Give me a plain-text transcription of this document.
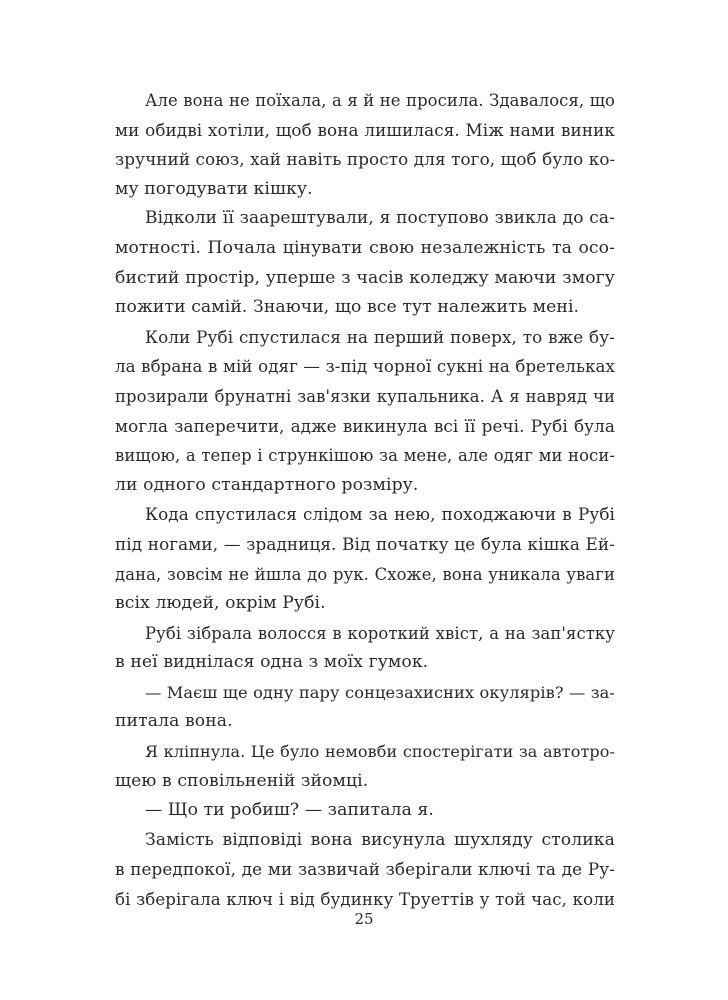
Але вона не поїхала, а я й не просила. Здавалося, що
ми обидві хотіли, щоб вона лишилася. Між нами виник
зручний союз, хай навіть просто для того, щоб було ко-
му погодувати кішку.
Відколи її заарештували, я поступово звикла до са-
мотності. Почала цінувати свою незалежність та осо-
бистий простір, уперше з часів коледжу маючи змогу
пожити самій. Знаючи, що все тут належить мені.
Коли Рубі спустилася на перший поверх, то вже бу-
ла вбрана в мій одяг — з-під чорної сукні на бретельках
прозирали брунатні зав'язки купальника. А я навряд чи
могла заперечити, адже викинула всі її речі. Рубі була
вищою, а тепер і стрункішою за мене, але одяг ми носи-
ли одного стандартного розміру.
Кода спустилася слідом за нею, походжаючи в Рубі
під ногами, — зрадниця. Від початку це була кішка Ей-
дана, зовсім не йшла до рук. Схоже, вона уникала уваги
всіх людей, окрім Рубі.
Рубі зібрала волосся в короткий хвіст, а на зап'ястку
в неї виднілася одна з моїх гумок.
— Маєш ще одну пару сонцезахисних окулярів? — за-
питала вона.
Я кліпнула. Це було немовби спостерігати за автотро-
щею в сповільненій зйомці.
— Що ти робиш? — запитала я.
Замість відповіді вона висунула шухляду столика
в передпокої, де ми зазвичай зберігали ключі та де Ру-
бі зберігала ключ і від будинку Труеттів у той час, коли
25
